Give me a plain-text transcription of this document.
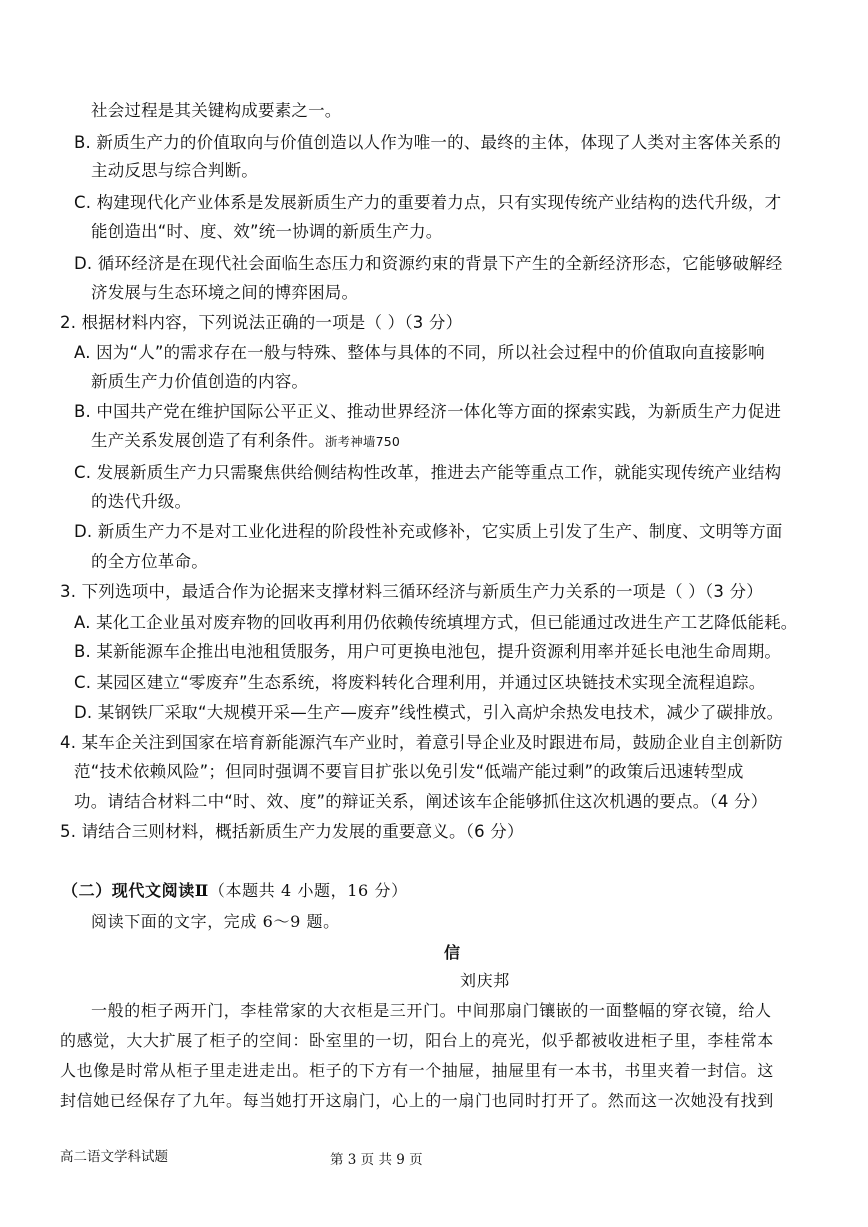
社会过程是其关键构成要素之一。
B. 新质生产力的价值取向与价值创造以人作为唯一的、最终的主体，体现了人类对主客体关系的
主动反思与综合判断。
C. 构建现代化产业体系是发展新质生产力的重要着力点，只有实现传统产业结构的迭代升级，才
能创造出“时、度、效”统一协调的新质生产力。
D. 循环经济是在现代社会面临生态压力和资源约束的背景下产生的全新经济形态，它能够破解经
济发展与生态环境之间的博弈困局。
2. 根据材料内容，下列说法正确的一项是（ ）（3 分）
A. 因为“人”的需求存在一般与特殊、整体与具体的不同，所以社会过程中的价值取向直接影响
新质生产力价值创造的内容。
B. 中国共产党在维护国际公平正义、推动世界经济一体化等方面的探索实践，为新质生产力促进
生产关系发展创造了有利条件。浙考神墙750
C. 发展新质生产力只需聚焦供给侧结构性改革，推进去产能等重点工作，就能实现传统产业结构
的迭代升级。
D. 新质生产力不是对工业化进程的阶段性补充或修补，它实质上引发了生产、制度、文明等方面
的全方位革命。
3. 下列选项中，最适合作为论据来支撑材料三循环经济与新质生产力关系的一项是（ ）（3 分）
A. 某化工企业虽对废弃物的回收再利用仍依赖传统填埋方式，但已能通过改进生产工艺降低能耗。
B. 某新能源车企推出电池租赁服务，用户可更换电池包，提升资源利用率并延长电池生命周期。
C. 某园区建立“零废弃”生态系统，将废料转化合理利用，并通过区块链技术实现全流程追踪。
D. 某钢铁厂采取“大规模开采—生产—废弃”线性模式，引入高炉余热发电技术，减少了碳排放。
4. 某车企关注到国家在培育新能源汽车产业时，着意引导企业及时跟进布局，鼓励企业自主创新防
范“技术依赖风险”；但同时强调不要盲目扩张以免引发“低端产能过剩”的政策后迅速转型成
功。请结合材料二中“时、效、度”的辩证关系，阐述该车企能够抓住这次机遇的要点。（4 分）
5. 请结合三则材料，概括新质生产力发展的重要意义。（6 分）
（二）现代文阅读Ⅱ（本题共 4 小题，16 分）
阅读下面的文字，完成 6～9 题。
信
刘庆邦
一般的柜子两开门，李桂常家的大衣柜是三开门。中间那扇门镶嵌的一面整幅的穿衣镜，给人
的感觉，大大扩展了柜子的空间：卧室里的一切，阳台上的亮光，似乎都被收进柜子里，李桂常本
人也像是时常从柜子里走进走出。柜子的下方有一个抽屉，抽屉里有一本书，书里夹着一封信。这
封信她已经保存了九年。每当她打开这扇门，心上的一扇门也同时打开了。然而这一次她没有找到
高二语文学科试题	第 3 页 共 9 页
